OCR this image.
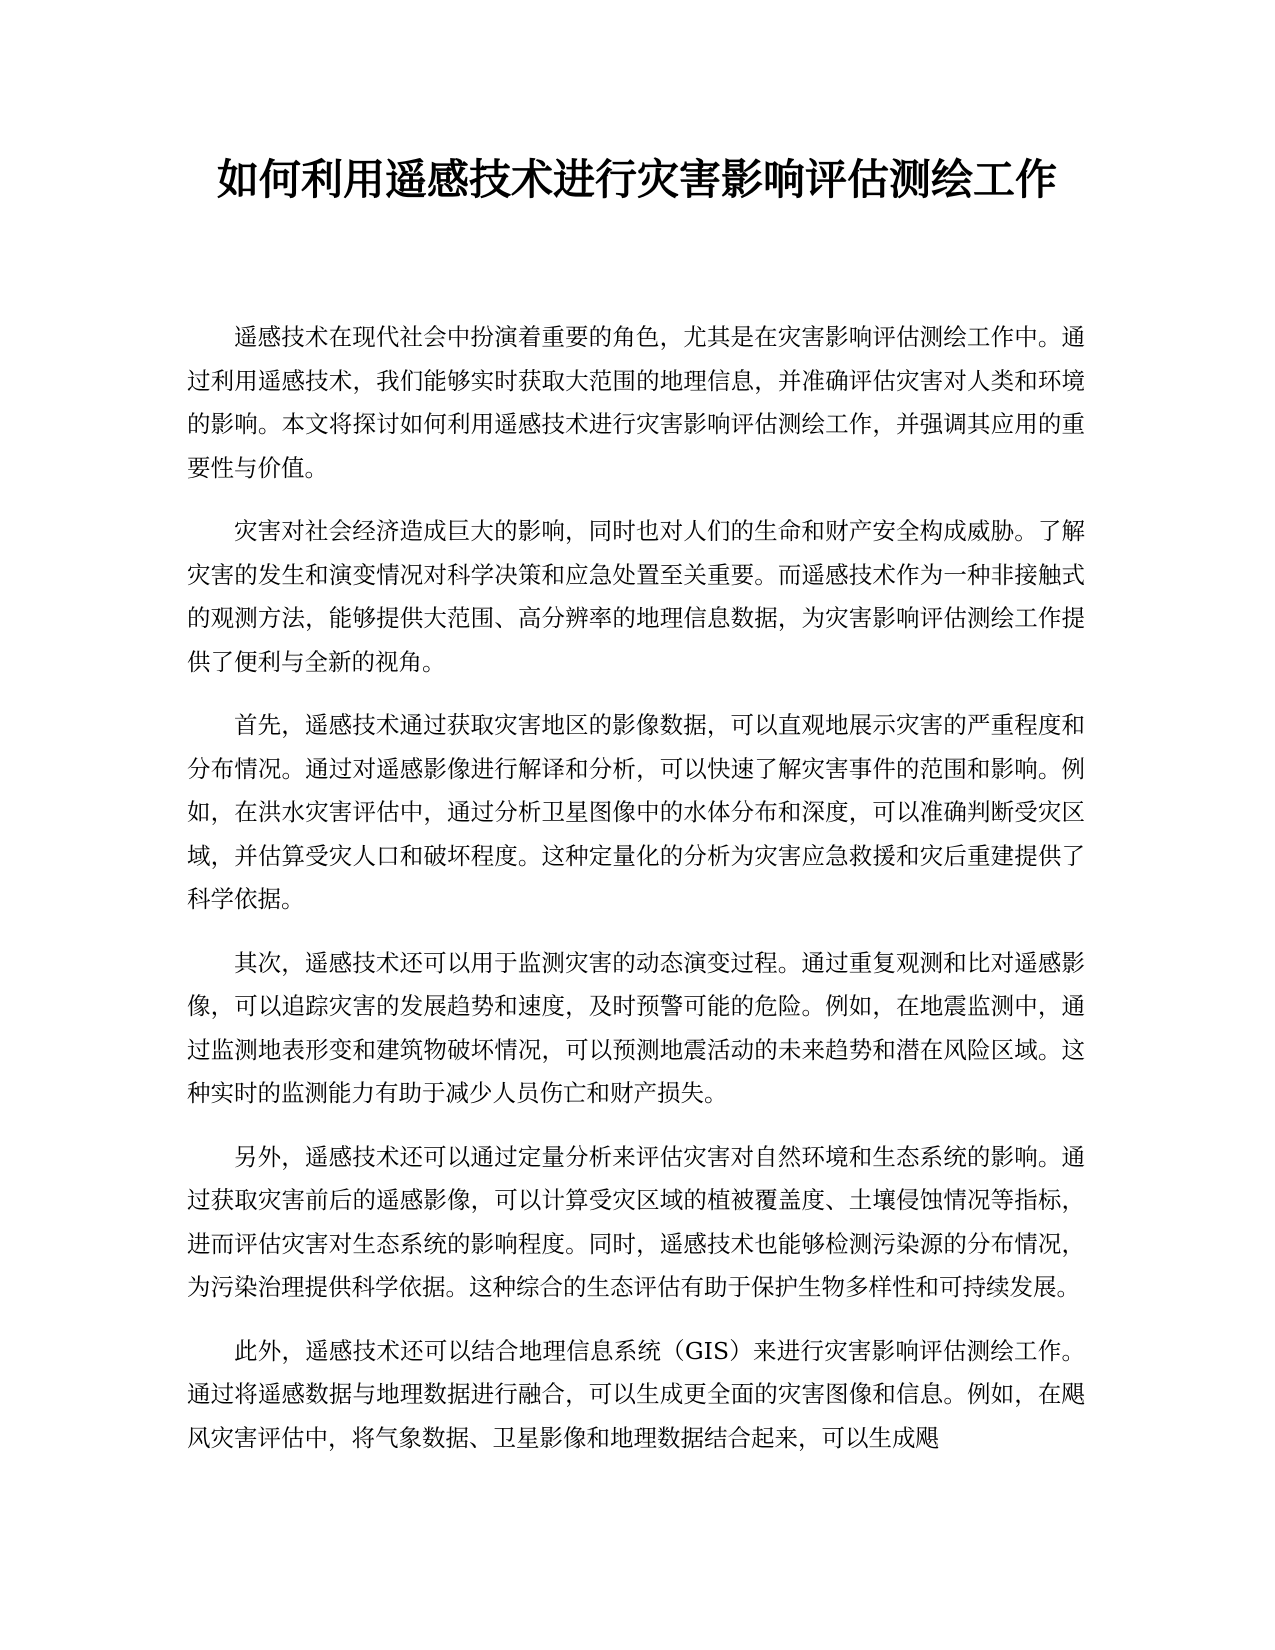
如何利用遥感技术进行灾害影响评估测绘工作

遥感技术在现代社会中扮演着重要的角色，尤其是在灾害影响评估测绘工作中。通过利用遥感技术，我们能够实时获取大范围的地理信息，并准确评估灾害对人类和环境的影响。本文将探讨如何利用遥感技术进行灾害影响评估测绘工作，并强调其应用的重要性与价值。

灾害对社会经济造成巨大的影响，同时也对人们的生命和财产安全构成威胁。了解灾害的发生和演变情况对科学决策和应急处置至关重要。而遥感技术作为一种非接触式的观测方法，能够提供大范围、高分辨率的地理信息数据，为灾害影响评估测绘工作提供了便利与全新的视角。

首先，遥感技术通过获取灾害地区的影像数据，可以直观地展示灾害的严重程度和分布情况。通过对遥感影像进行解译和分析，可以快速了解灾害事件的范围和影响。例如，在洪水灾害评估中，通过分析卫星图像中的水体分布和深度，可以准确判断受灾区域，并估算受灾人口和破坏程度。这种定量化的分析为灾害应急救援和灾后重建提供了科学依据。

其次，遥感技术还可以用于监测灾害的动态演变过程。通过重复观测和比对遥感影像，可以追踪灾害的发展趋势和速度，及时预警可能的危险。例如，在地震监测中，通过监测地表形变和建筑物破坏情况，可以预测地震活动的未来趋势和潜在风险区域。这种实时的监测能力有助于减少人员伤亡和财产损失。

另外，遥感技术还可以通过定量分析来评估灾害对自然环境和生态系统的影响。通过获取灾害前后的遥感影像，可以计算受灾区域的植被覆盖度、土壤侵蚀情况等指标，进而评估灾害对生态系统的影响程度。同时，遥感技术也能够检测污染源的分布情况，为污染治理提供科学依据。这种综合的生态评估有助于保护生物多样性和可持续发展。

此外，遥感技术还可以结合地理信息系统（GIS）来进行灾害影响评估测绘工作。通过将遥感数据与地理数据进行融合，可以生成更全面的灾害图像和信息。例如，在飓风灾害评估中，将气象数据、卫星影像和地理数据结合起来，可以生成飓
